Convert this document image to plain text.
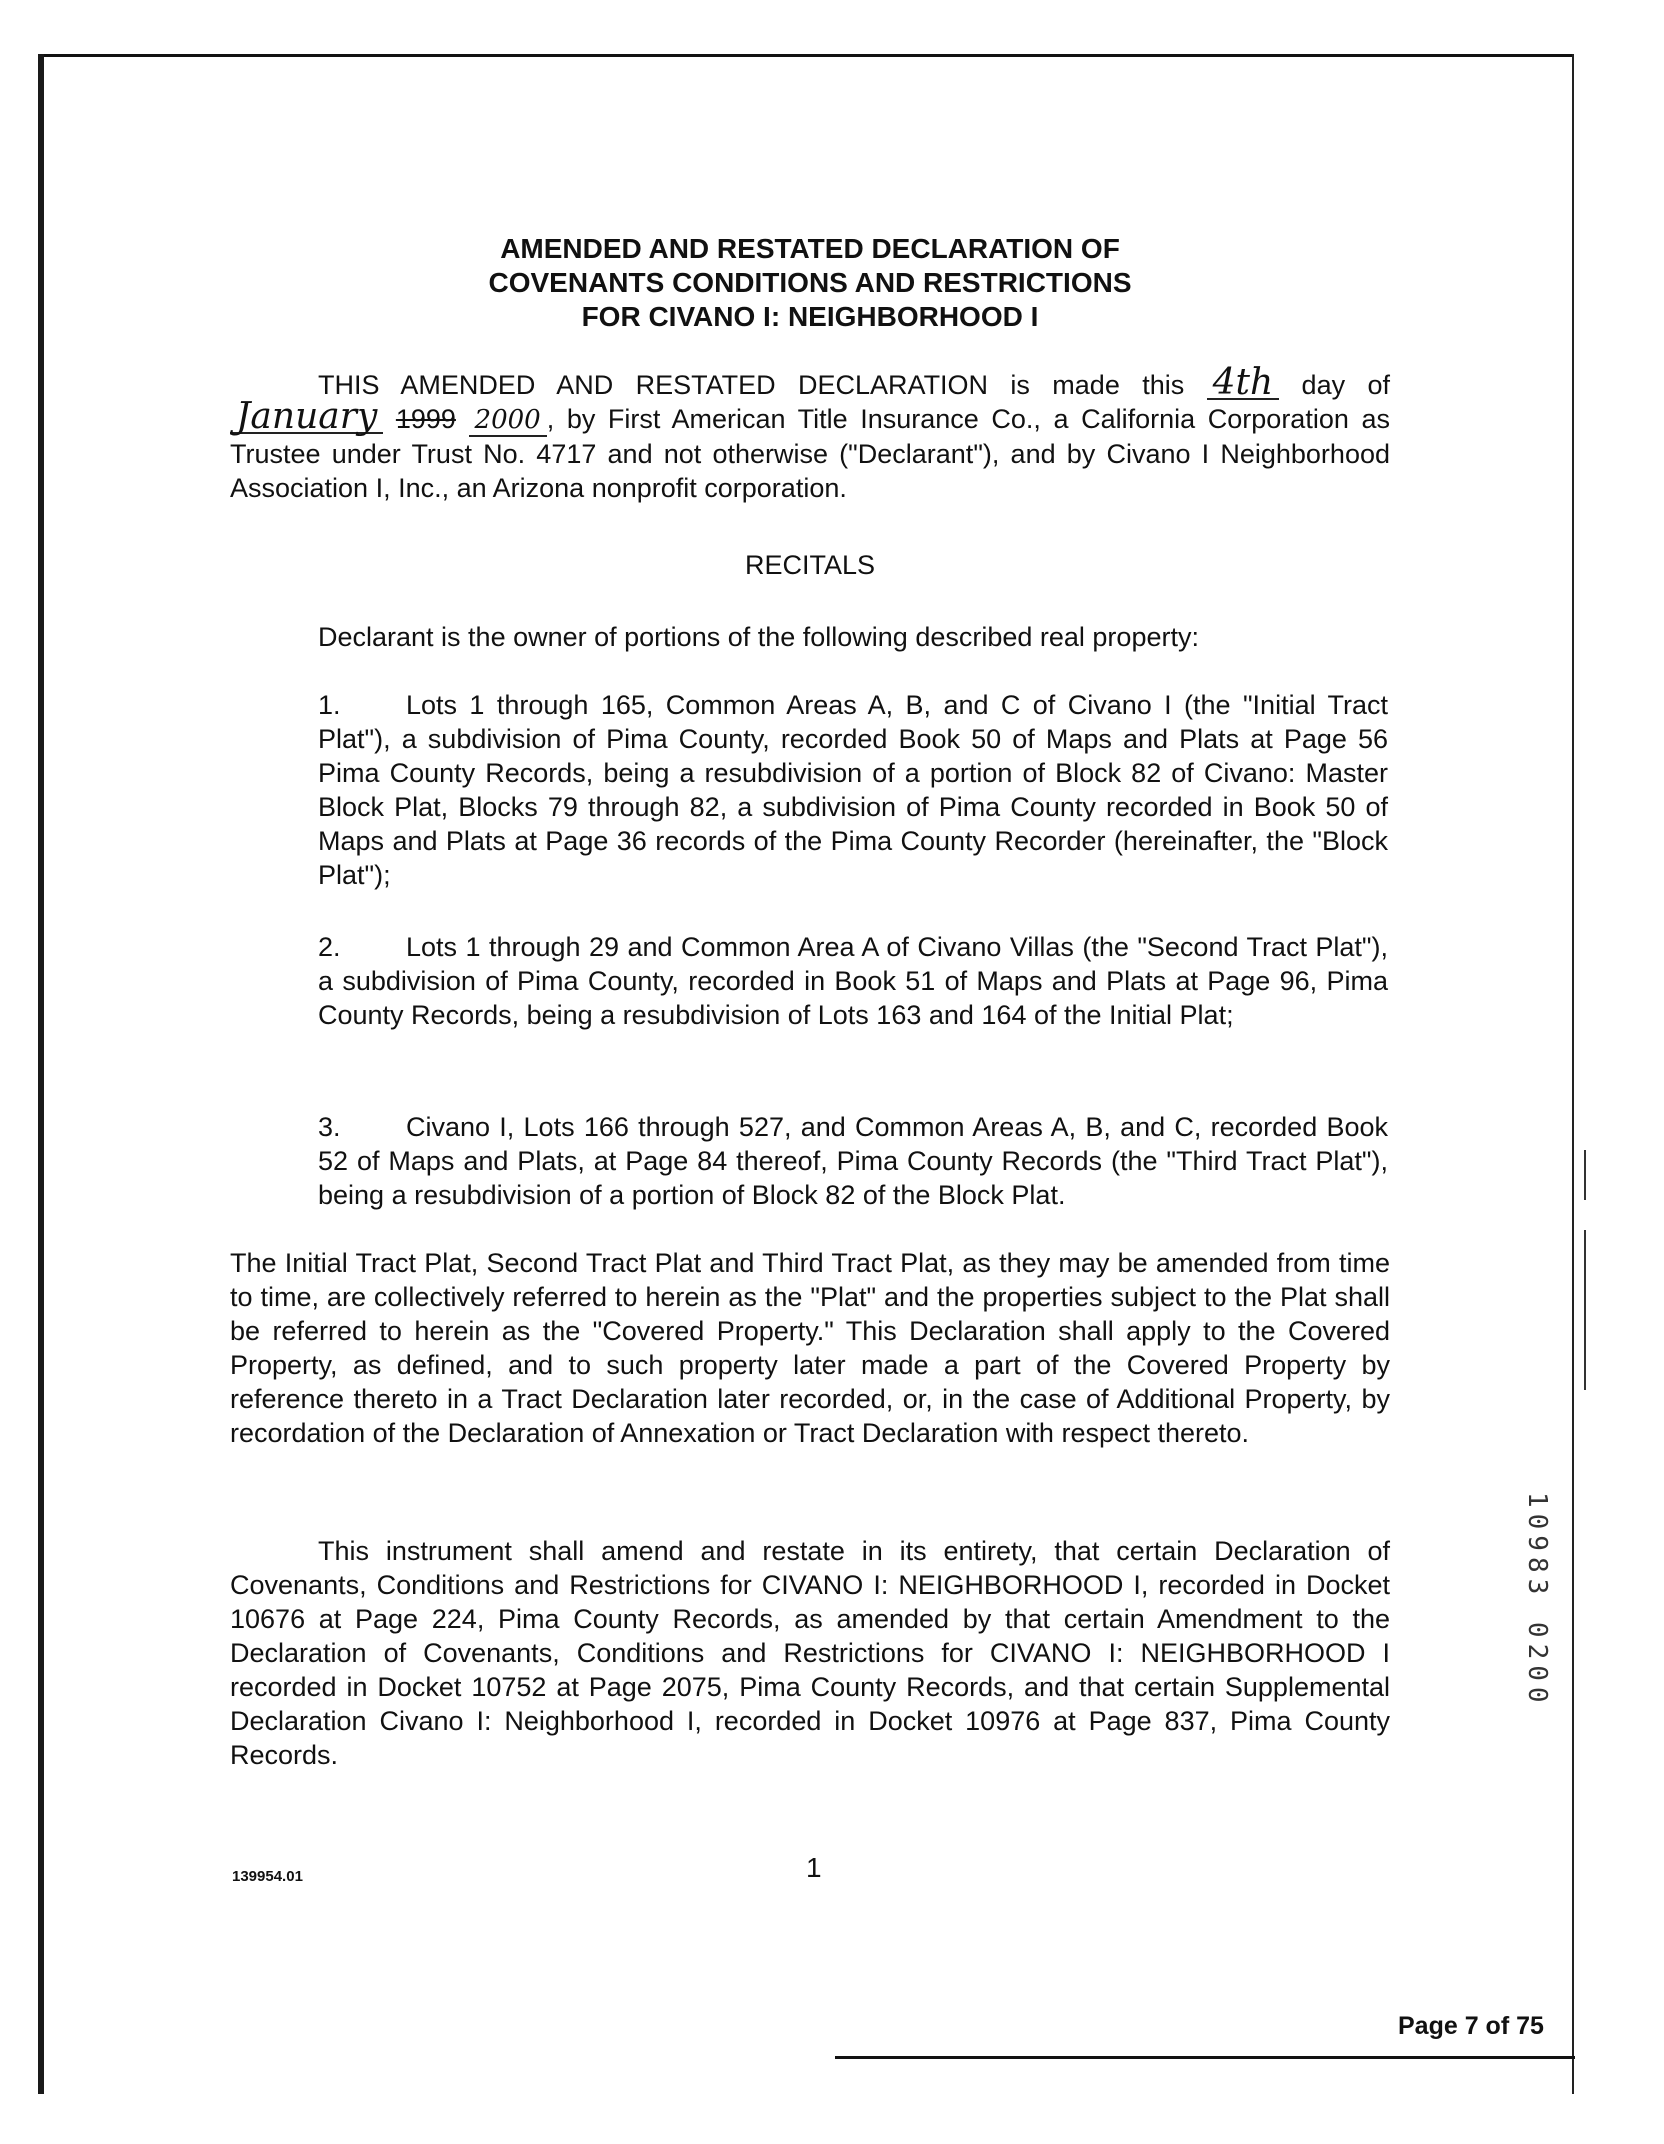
AMENDED AND RESTATED DECLARATION OF
COVENANTS CONDITIONS AND RESTRICTIONS
FOR CIVANO I: NEIGHBORHOOD I
THIS AMENDED AND RESTATED DECLARATION is made this 4th day of January 1999 2000 , by First American Title Insurance Co., a California Corporation as Trustee under Trust No. 4717 and not otherwise ("Declarant"), and by Civano I Neighborhood Association I, Inc., an Arizona nonprofit corporation.
RECITALS
Declarant is the owner of portions of the following described real property:
1. Lots 1 through 165, Common Areas A, B, and C of Civano I (the "Initial Tract Plat"), a subdivision of Pima County, recorded Book 50 of Maps and Plats at Page 56 Pima County Records, being a resubdivision of a portion of Block 82 of Civano: Master Block Plat, Blocks 79 through 82, a subdivision of Pima County recorded in Book 50 of Maps and Plats at Page 36 records of the Pima County Recorder (hereinafter, the "Block Plat");
2. Lots 1 through 29 and Common Area A of Civano Villas (the "Second Tract Plat"), a subdivision of Pima County, recorded in Book 51 of Maps and Plats at Page 96, Pima County Records, being a resubdivision of Lots 163 and 164 of the Initial Plat;
3. Civano I, Lots 166 through 527, and Common Areas A, B, and C, recorded Book 52 of Maps and Plats, at Page 84 thereof, Pima County Records (the "Third Tract Plat"), being a resubdivision of a portion of Block 82 of the Block Plat.
The Initial Tract Plat, Second Tract Plat and Third Tract Plat, as they may be amended from time to time, are collectively referred to herein as the "Plat" and the properties subject to the Plat shall be referred to herein as the "Covered Property." This Declaration shall apply to the Covered Property, as defined, and to such property later made a part of the Covered Property by reference thereto in a Tract Declaration later recorded, or, in the case of Additional Property, by recordation of the Declaration of Annexation or Tract Declaration with respect thereto.
This instrument shall amend and restate in its entirety, that certain Declaration of Covenants, Conditions and Restrictions for CIVANO I: NEIGHBORHOOD I, recorded in Docket 10676 at Page 224, Pima County Records, as amended by that certain Amendment to the Declaration of Covenants, Conditions and Restrictions for CIVANO I: NEIGHBORHOOD I recorded in Docket 10752 at Page 2075, Pima County Records, and that certain Supplemental Declaration Civano I: Neighborhood I, recorded in Docket 10976 at Page 837, Pima County Records.
139954.01	1
Page 7 of 75
10983 0200
